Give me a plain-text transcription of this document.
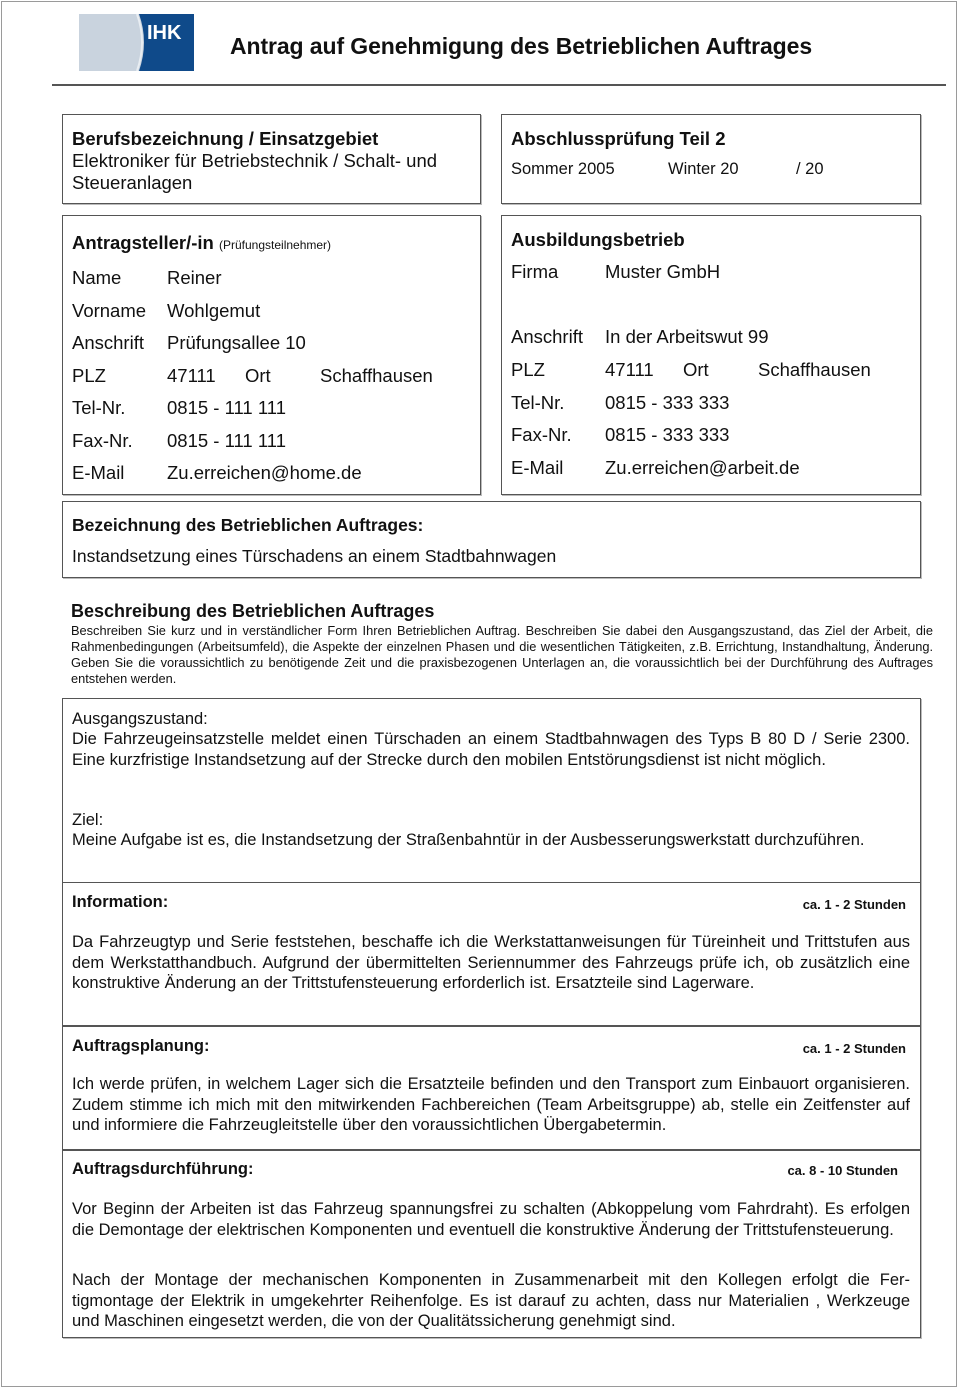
IHK Antrag auf Genehmigung des Betrieblichen Auftrages
Berufsbezeichnung / Einsatzgebiet
Elektroniker für Betriebstechnik / Schalt- und
Steueranlagen
Abschlussprüfung Teil 2
Sommer 2005	Winter 20	/ 20
Antragsteller/-in (Prüfungsteilnehmer)
Name Reiner
Vorname Wohlgemut
Anschrift Prüfungsallee 10
PLZ	47111 Ort	Schaffhausen
Tel-Nr. 0815 - 111 111
Fax-Nr. 0815 - 111 111
E-Mail Zu.erreichen@home.de
Ausbildungsbetrieb
Firma	Muster GmbH
Anschrift In der Arbeitswut 99
PLZ	47111 Ort	Schaffhausen
Tel-Nr. 0815 - 333 333
Fax-Nr. 0815 - 333 333
E-Mail Zu.erreichen@arbeit.de
Bezeichnung des Betrieblichen Auftrages:
Instandsetzung eines Türschadens an einem Stadtbahnwagen
Beschreibung des Betrieblichen Auftrages
Beschreiben Sie kurz und in verständlicher Form Ihren Betrieblichen Auftrag. Beschreiben Sie dabei den Ausgangszustand, das Ziel der Arbeit, die Rahmenbedingungen (Arbeitsumfeld), die Aspekte der einzelnen Phasen und die wesentlichen Tätigkeiten, z.B. Errichtung, Instandhaltung, Änderung. Geben Sie die voraussichtlich zu benötigende Zeit und die praxisbezogenen Unterlagen an, die voraussichtlich bei der Durchführung des Auftrages entstehen werden.
Ausgangszustand:
Die Fahrzeugeinsatzstelle meldet einen Türschaden an einem Stadtbahnwagen des Typs B 80 D / Serie 2300. Eine kurzfristige Instandsetzung auf der Strecke durch den mobilen Entstörungsdienst ist nicht möglich.
Ziel:
Meine Aufgabe ist es, die Instandsetzung der Straßenbahntür in der Ausbesserungswerkstatt durchzuführen.
Information:	ca. 1 - 2 Stunden
Da Fahrzeugtyp und Serie feststehen, beschaffe ich die Werkstattanweisungen für Türeinheit und Trittstufen aus dem Werkstatthandbuch. Aufgrund der übermittelten Seriennummer des Fahrzeugs prüfe ich, ob zusätzlich eine konstruktive Änderung an der Trittstufensteuerung erforderlich ist. Ersatzteile sind Lagerware.
Auftragsplanung:	ca. 1 - 2 Stunden
Ich werde prüfen, in welchem Lager sich die Ersatzteile befinden und den Transport zum Einbauort organisieren. Zudem stimme ich mich mit den mitwirkenden Fachbereichen (Team Arbeitsgruppe) ab, stelle ein Zeitfenster auf und informiere die Fahrzeugleitstelle über den voraussichtlichen Übergabetermin.
Auftragsdurchführung:	ca. 8 - 10 Stunden
Vor Beginn der Arbeiten ist das Fahrzeug spannungsfrei zu schalten (Abkoppelung vom Fahrdraht). Es erfolgen die Demontage der elektrischen Komponenten und eventuell die konstruktive Änderung der Trittstufensteuerung.
Nach der Montage der mechanischen Komponenten in Zusammenarbeit mit den Kollegen erfolgt die Fertigmontage der Elektrik in umgekehrter Reihenfolge. Es ist darauf zu achten, dass nur Materialien , Werkzeuge und Maschinen eingesetzt werden, die von der Qualitätssicherung genehmigt sind.
